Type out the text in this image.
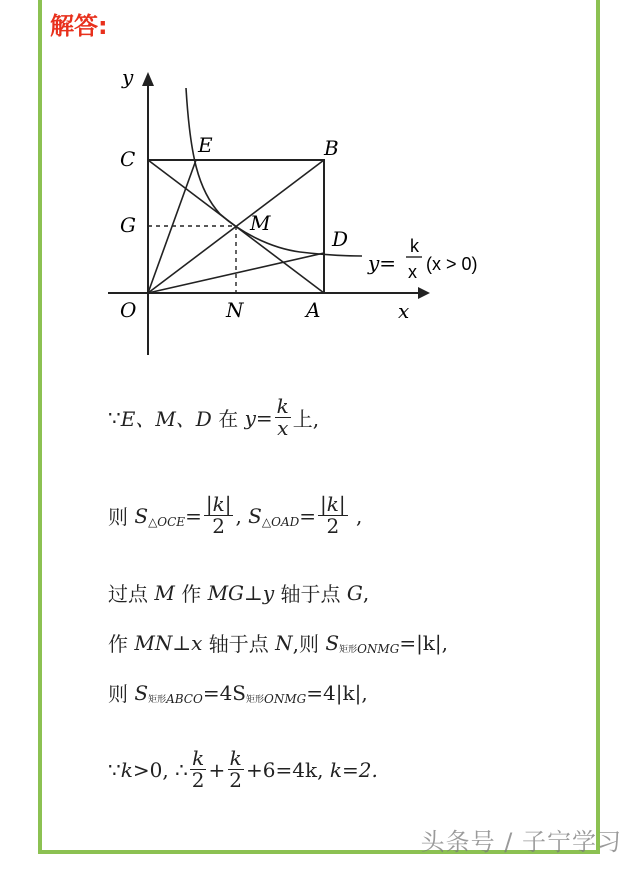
解答:
y
x
C
E	B
G	M
D
O	N	A
y=
k
x (x > 0)
∵ E、M、D
在
$y= \frac{k}{x}$ 上,
则
S △OCE = $\frac{|k|}{2}$ ,
S △OAD = $\frac{|k|}{2}$
,
过点
M
作
MG ⊥ y
轴于点
G ,
作
MN ⊥ x
轴于点
N ,则
S 矩形 ONMG =|k|,
则
S 矩形 ABCO =4S 矩形 ONMG =4|k|,
∵ k >0,
∴ $\frac{k}{2} + \frac{k}{2} +6=4k$,
k=2.
头条号 / 子宁学习
